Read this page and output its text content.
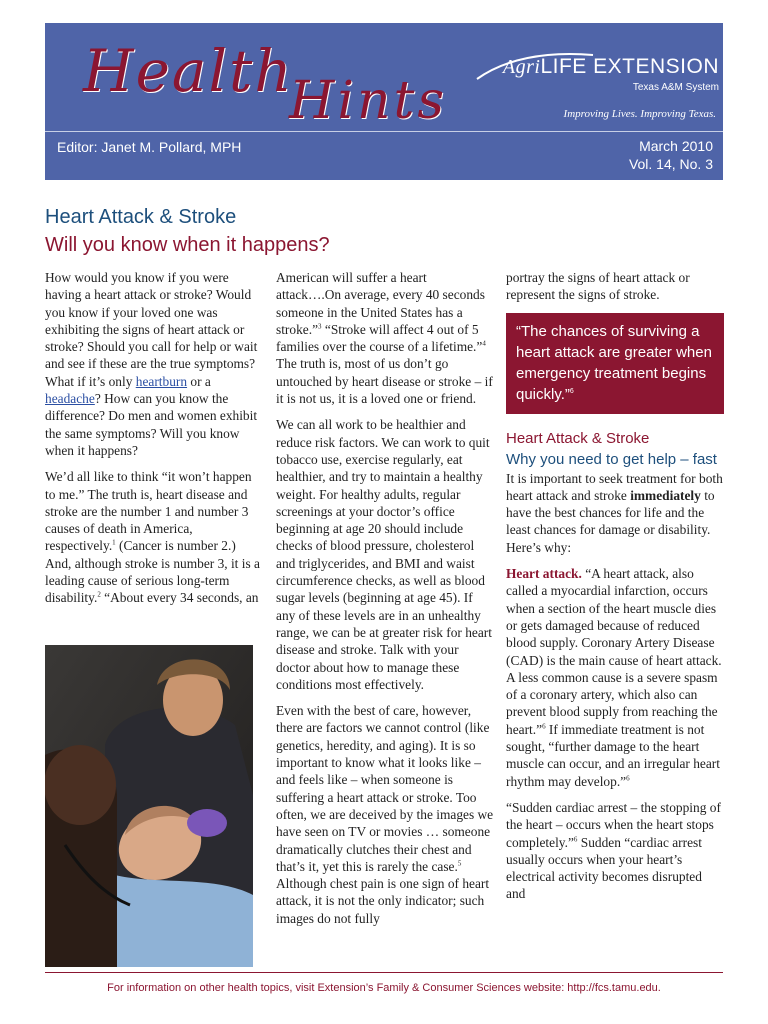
Health
Hints
AgriLIFE EXTENSION
Texas A&M System
Improving Lives. Improving Texas.
Editor: Janet M. Pollard, MPH	March 2010
Vol. 14, No. 3
Heart Attack & Stroke
Will you know when it happens?

How would you know if you were having a heart attack or stroke? Would you know if your loved one was exhibiting the signs of heart attack or stroke? Should you call for help or wait and see if these are the true symptoms? What if it’s only heartburn or a headache? How can you know the difference? Do men and women exhibit the same symptoms? Will you know when it happens?

We’d all like to think “it won’t happen to me.” The truth is, heart disease and stroke are the number 1 and number 3 causes of death in America, respectively.$^1$ (Cancer is number 2.) And, although stroke is number 3, it is a leading cause of serious long-term disability.$^2$ “About every 34 seconds, an

American will suffer a heart attack….On average, every 40 seconds someone in the United States has a stroke.”$^3$ “Stroke will affect 4 out of 5 families over the course of a lifetime.”$^4$ The truth is, most of us don’t go untouched by heart disease or stroke – if it is not us, it is a loved one or friend.

We can all work to be healthier and reduce risk factors. We can work to quit tobacco use, exercise regularly, eat healthier, and try to maintain a healthy weight. For healthy adults, regular screenings at your doctor’s office beginning at age 20 should include checks of blood pressure, cholesterol and triglycerides, and BMI and waist circumference checks, as well as blood sugar levels (beginning at age 45). If any of these levels are in an unhealthy range, we can be at greater risk for heart disease and stroke. Talk with your doctor about how to manage these conditions most effectively.

Even with the best of care, however, there are factors we cannot control (like genetics, heredity, and aging). It is so important to know what it looks like – and feels like – when someone is suffering a heart attack or stroke. Too often, we are deceived by the images we have seen on TV or movies … someone dramatically clutches their chest and that’s it, yet this is rarely the case.$^5$ Although chest pain is one sign of heart attack, it is not the only indicator; such images do not fully

portray the signs of heart attack or represent the signs of stroke.

“The chances of surviving a heart attack are greater when emergency treatment begins quickly.”$^6$
Heart Attack & Stroke
Why you need to get help – fast

It is important to seek treatment for both heart attack and stroke immediately to have the best chances for life and the least chances for damage or disability. Here’s why:

Heart attack. “A heart attack, also called a myocardial infarction, occurs when a section of the heart muscle dies or gets damaged because of reduced blood supply. Coronary Artery Disease (CAD) is the main cause of heart attack. A less common cause is a severe spasm of a coronary artery, which also can prevent blood supply from reaching the heart.”$^6$ If immediate treatment is not sought, “further damage to the heart muscle can occur, and an irregular heart rhythm may develop.”$^6$

“Sudden cardiac arrest – the stopping of the heart – occurs when the heart stops completely.”$^6$ Sudden “cardiac arrest usually occurs when your heart’s electrical activity becomes disrupted and

For information on other health topics, visit Extension’s Family & Consumer Sciences website: http://fcs.tamu.edu.
